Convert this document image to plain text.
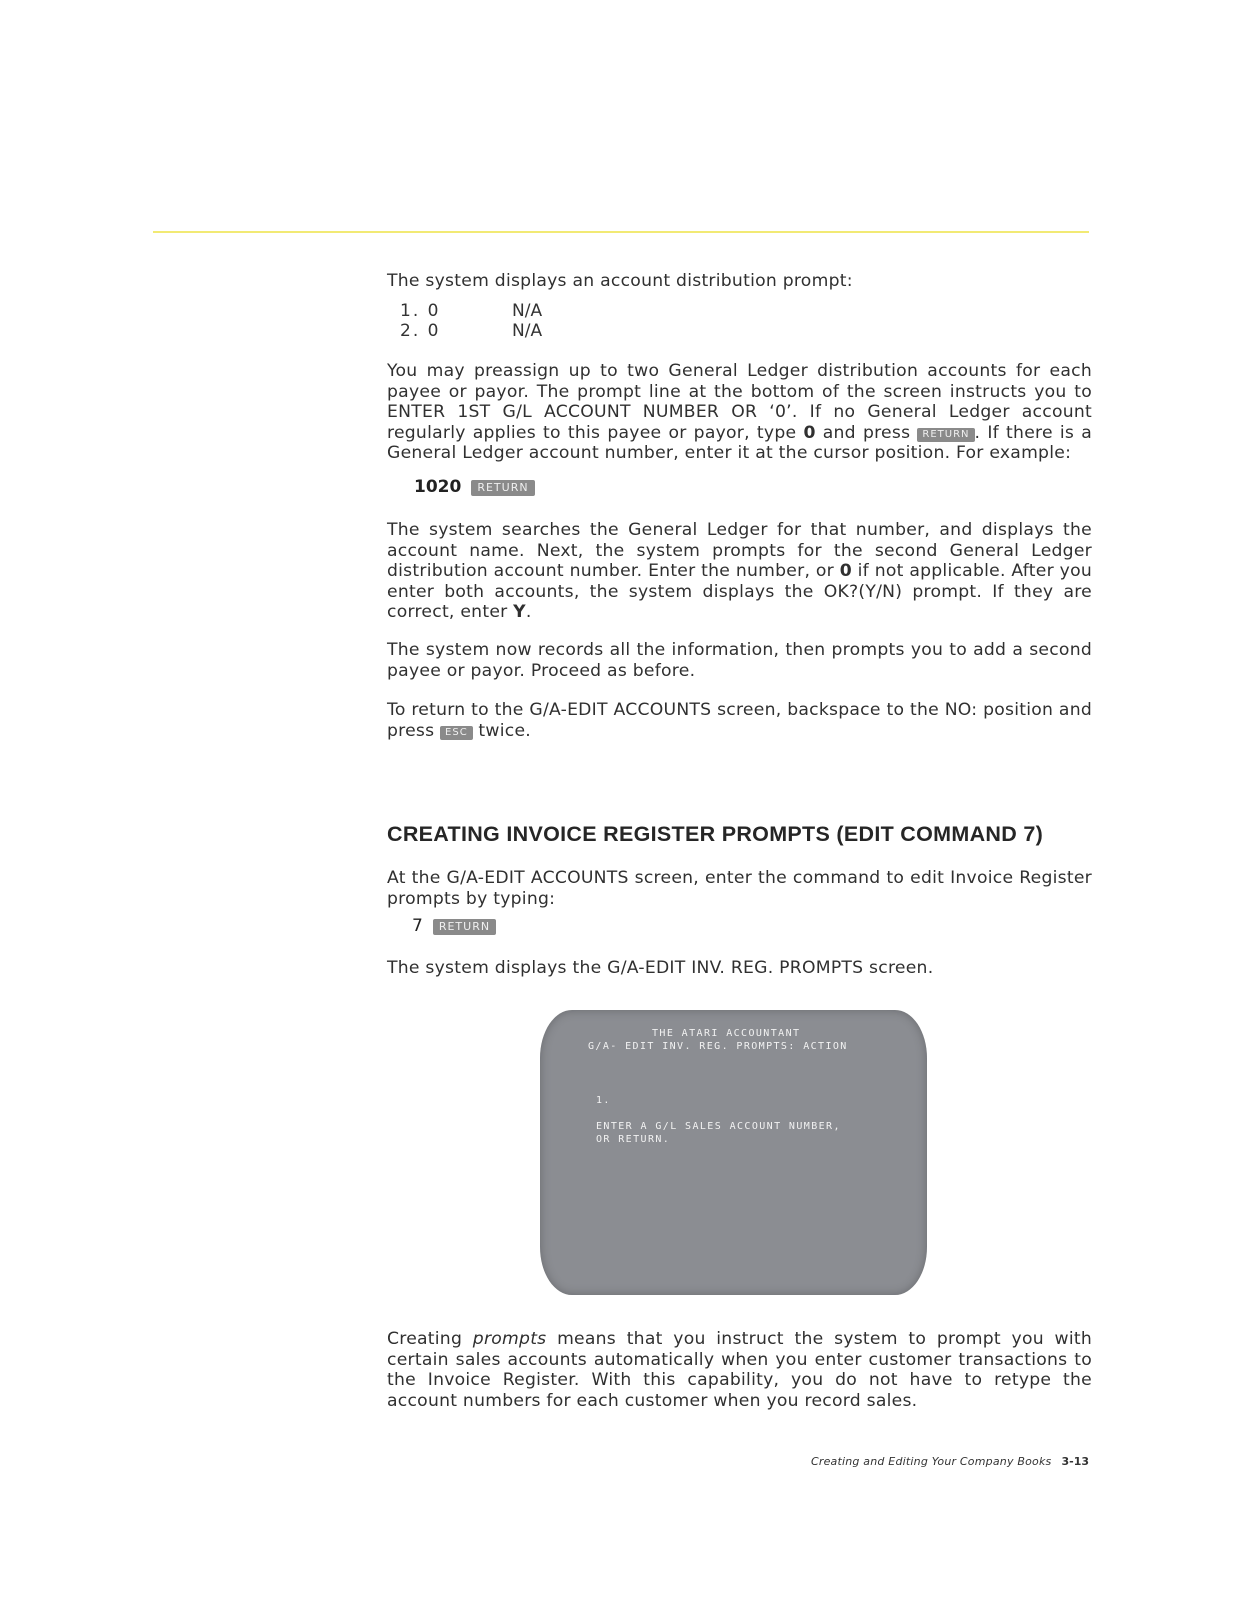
The system displays an account distribution prompt:

1. 0	N/A
2. 0	N/A

You may preassign up to two General Ledger distribution accounts for each payee or payor. The prompt line at the bottom of the screen instructs you to ENTER 1ST G/L ACCOUNT NUMBER OR ‘0’. If no General Ledger account regularly applies to this payee or payor, type 0 and press RETURN . If there is a General Ledger account number, enter it at the cursor position. For example:

1020 RETURN

The system searches the General Ledger for that number, and displays the account name. Next, the system prompts for the second General Ledger distribution account number. Enter the number, or 0 if not applicable. After you enter both accounts, the system displays the OK?(Y/N) prompt. If they are correct, enter Y.

The system now records all the information, then prompts you to add a second payee or payor. Proceed as before.

To return to the G/A-EDIT ACCOUNTS screen, backspace to the NO: position and press ESC twice.

CREATING INVOICE REGISTER PROMPTS (EDIT COMMAND 7)

At the G/A-EDIT ACCOUNTS screen, enter the command to edit Invoice Register prompts by typing:

7 RETURN

The system displays the G/A-EDIT INV. REG. PROMPTS screen.

THE ATARI ACCOUNTANT
G/A- EDIT INV. REG. PROMPTS: ACTION
1.
ENTER A G/L SALES ACCOUNT NUMBER,
OR RETURN.

Creating prompts means that you instruct the system to prompt you with certain sales accounts automatically when you enter customer transactions to the Invoice Register. With this capability, you do not have to retype the account numbers for each customer when you record sales.

Creating and Editing Your Company Books 3-13
